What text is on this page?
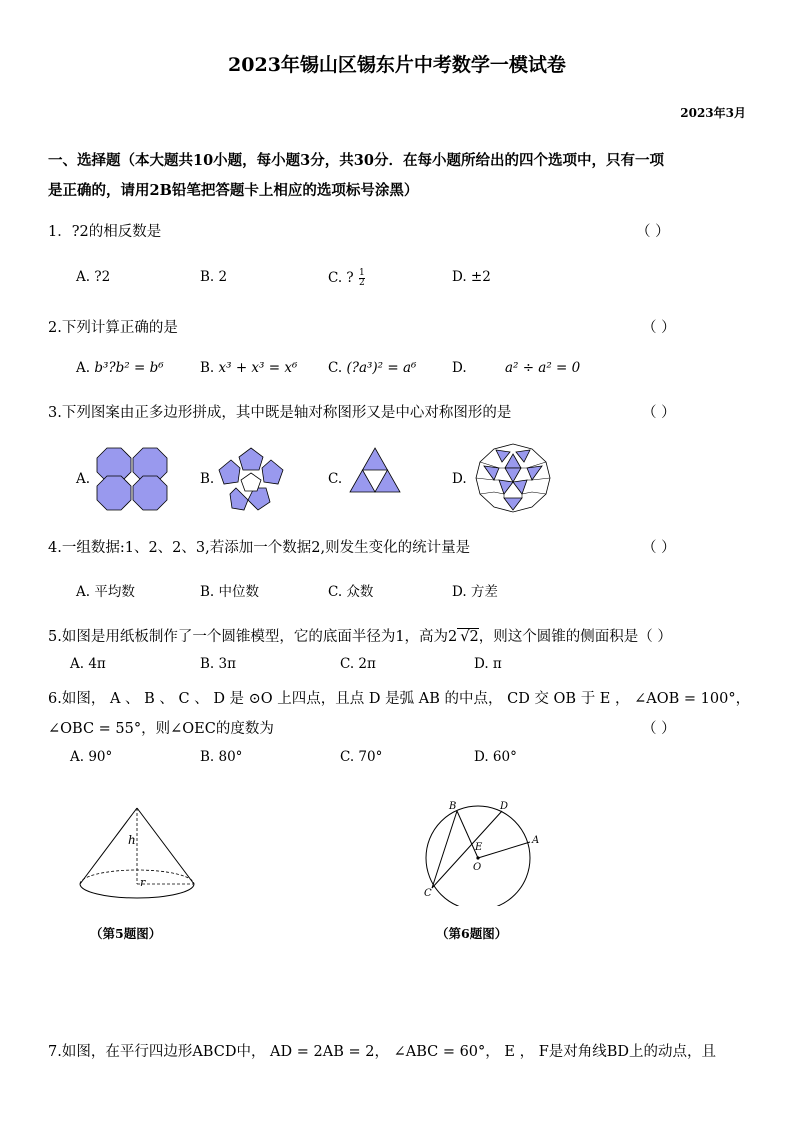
2023年锡山区锡东片中考数学一模试卷
2023年3月
一、选择题（本大题共10小题，每小题3分，共30分．在每小题所给出的四个选项中，只有一项
是正确的，请用2B铅笔把答题卡上相应的选项标号涂黑）
1．?2的相反数是	（ ）
A. ?2	B. 2	C. ? $\frac{1}{2}$	D. ±2
2.下列计算正确的是	（ ）
A. b³?b² = b⁶	B. x³ + x³ = x⁶ C. (?a³)² = a⁶	D.	a² ÷ a² = 0
3.下列图案由正多边形拼成，其中既是轴对称图形又是中心对称图形的是	（ ）
A.	B.	C.	D.
4.一组数据:1、2、2、3,若添加一个数据2,则发生变化的统计量是	（ ）
A. 平均数	B. 中位数	C. 众数	D. 方差
5.如图是用纸板制作了一个圆锥模型，它的底面半径为1，高为2 √2，则这个圆锥的侧面积是（ ）
A. 4π	B. 3π	C. 2π	D. π
6.如图， A 、 B 、 C 、 D 是 ⊙O 上四点，且点 D 是弧 AB 的中点， CD 交 OB 于 E ， ∠AOB = 100°，
∠OBC = 55°，则∠OEC的度数为	（ ）
A. 90°	B. 80°	C. 70°	D. 60°
h
r
（第5题图）
B	D
A
E
O
C
（第6题图）
7.如图，在平行四边形ABCD中， AD = 2AB = 2， ∠ABC = 60°， E ， F是对角线BD上的动点，且
